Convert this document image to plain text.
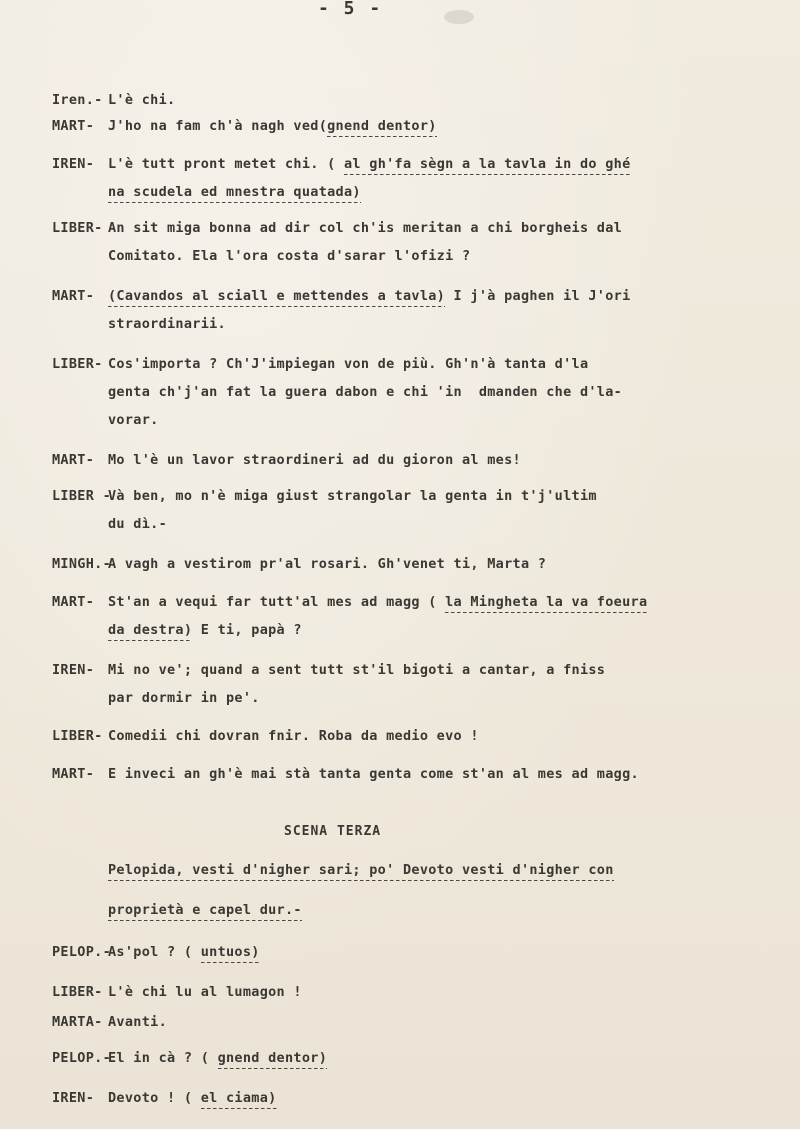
- 5 -
Iren.- L'è chi.
MART- J'ho na fam ch'à nagh ved(gnend dentor)
IREN- L'è tutt pront metet chi. ( al gh'fa sègn a la tavla in do ghé
na scudela ed mnestra quatada)
LIBER- An sit miga bonna ad dir col ch'is meritan a chi borgheis dal
Comitato. Ela l'ora costa d'sarar l'ofizi ?
MART- (Cavandos al sciall e mettendes a tavla) I j'à paghen il J'ori
straordinarii.
LIBER- Cos'importa ? Ch'J'impiegan von de più. Gh'n'à tanta d'la
genta ch'j'an fat la guera dabon e chi 'in  dmanden che d'la-
vorar.
MART- Mo l'è un lavor straordineri ad du gioron al mes!
LIBER -
Và ben, mo n'è miga giust strangolar la genta in t'j'ultim
du dì.-
MINGH.-
A vagh a vestirom pr'al rosari. Gh'venet ti, Marta ?
MART- St'an a vequi far tutt'al mes ad magg ( la Mingheta la va foeura
da destra) E ti, papà ?
IREN- Mi no ve'; quand a sent tutt st'il bigoti a cantar, a fniss
par dormir in pe'.
LIBER- Comedii chi dovran fnir. Roba da medio evo !
MART- E inveci an gh'è mai stà tanta genta come st'an al mes ad magg.
SCENA TERZA
Pelopida, vesti d'nigher sari; po' Devoto vesti d'nigher con
proprietà e capel dur.-
PELOP.-
As'pol ? ( untuos)
LIBER- L'è chi lu al lumagon !
MARTA- Avanti.
PELOP.-
El in cà ? ( gnend dentor)
IREN- Devoto ! ( el ciama)
